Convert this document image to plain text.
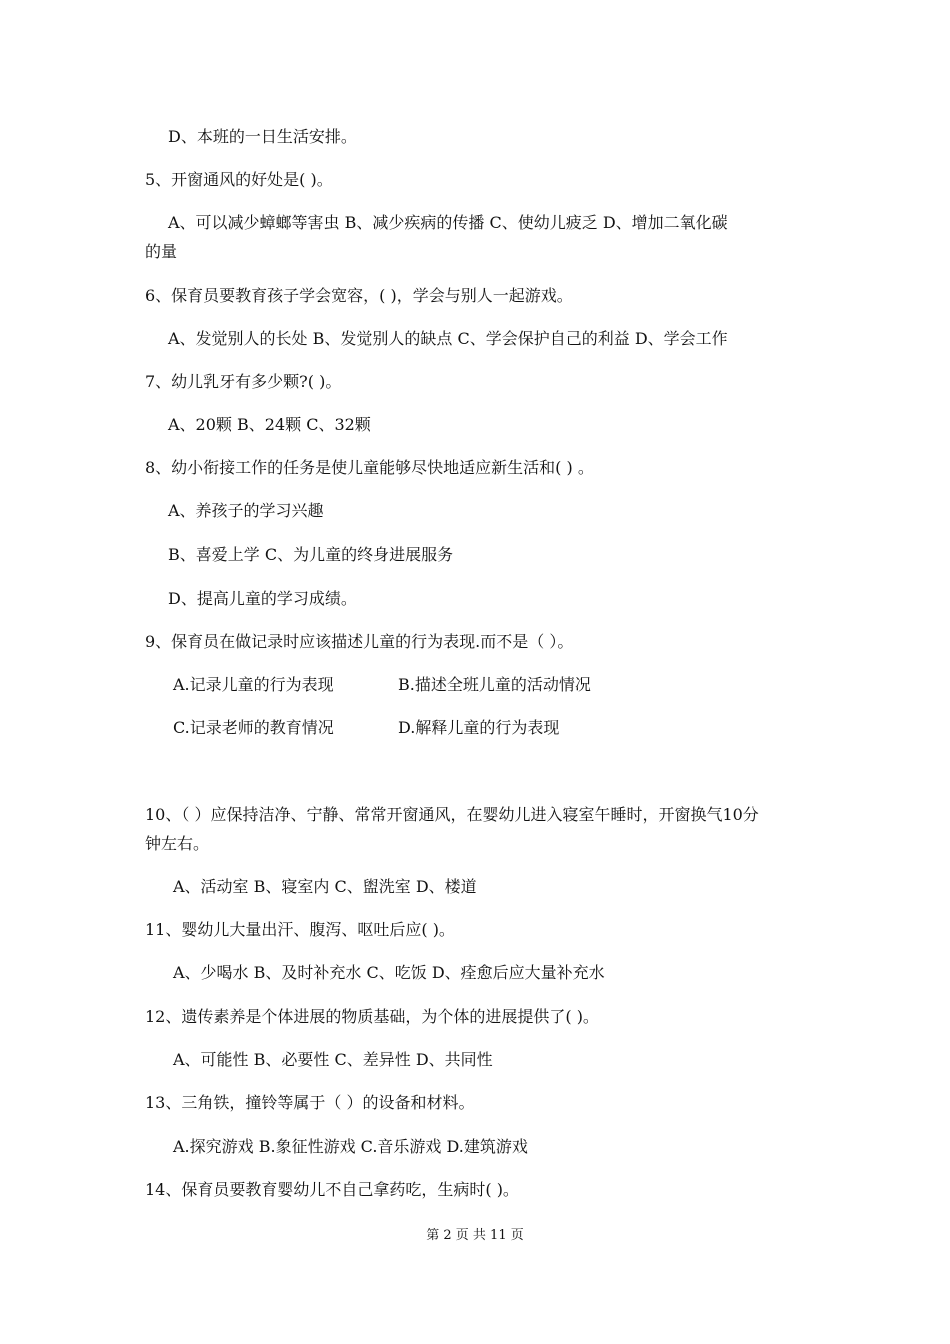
D、本班的一日生活安排。
5、开窗通风的好处是( )。
A、可以减少蟑螂等害虫 B、减少疾病的传播 C、使幼儿疲乏 D、增加二氧化碳
的量
6、保育员要教育孩子学会宽容，( )，学会与别人一起游戏。
A、发觉别人的长处 B、发觉别人的缺点 C、学会保护自己的利益 D、学会工作
7、幼儿乳牙有多少颗?( )。
A、20颗 B、24颗 C、32颗
8、幼小衔接工作的任务是使儿童能够尽快地适应新生活和( ) 。
A、养孩子的学习兴趣
B、喜爱上学 C、为儿童的终身进展服务
D、提高儿童的学习成绩。
9、保育员在做记录时应该描述儿童的行为表现.而不是（ ）。
A.记录儿童的行为表现	B.描述全班儿童的活动情况
C.记录老师的教育情况	D.解释儿童的行为表现
10、（ ）应保持洁净、宁静、常常开窗通风，在婴幼儿进入寝室午睡时，开窗换气10分
钟左右。
A、活动室 B、寝室内 C、盥洗室 D、楼道
11、婴幼儿大量出汗、腹泻、呕吐后应( )。
A、少喝水 B、及时补充水 C、吃饭 D、痊愈后应大量补充水
12、遗传素养是个体进展的物质基础，为个体的进展提供了( )。
A、可能性 B、必要性 C、差异性 D、共同性
13、三角铁，撞铃等属于（ ）的设备和材料。
A.探究游戏 B.象征性游戏 C.音乐游戏 D.建筑游戏
14、保育员要教育婴幼儿不自己拿药吃，生病时( )。
第 2 页 共 11 页
